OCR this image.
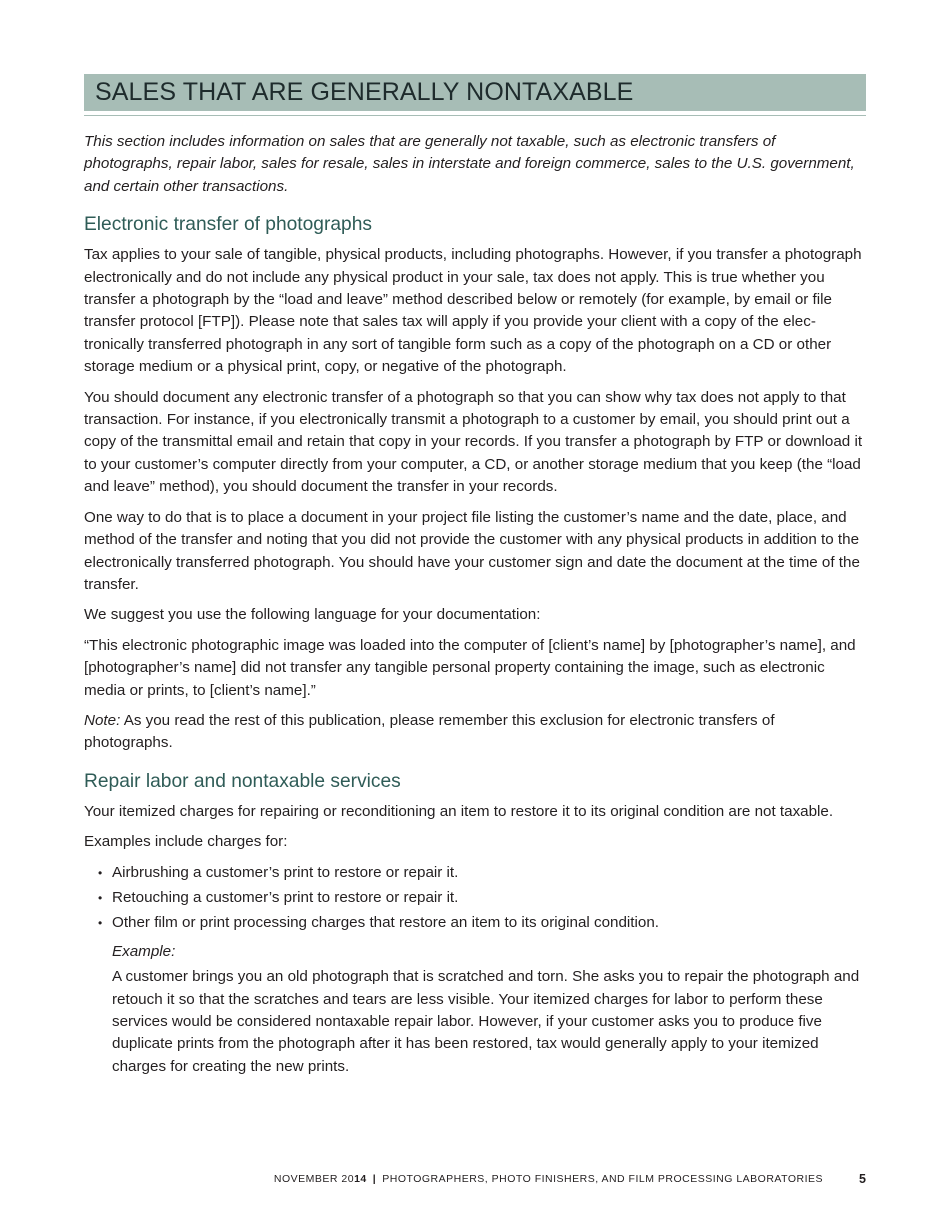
SALES THAT ARE GENERALLY NONTAXABLE

This section includes information on sales that are generally not taxable, such as electronic transfers of photographs, repair labor, sales for resale, sales in interstate and foreign commerce, sales to the U.S. government, and certain other transactions.

Electronic transfer of photographs

Tax applies to your sale of tangible, physical products, including photographs. However, if you transfer a photograph electronically and do not include any physical product in your sale, tax does not apply. This is true whether you transfer a photograph by the “load and leave” method described below or remotely (for example, by email or file transfer protocol [FTP]). Please note that sales tax will apply if you provide your client with a copy of the electronically transferred photograph in any sort of tangible form such as a copy of the photograph on a CD or other storage medium or a physical print, copy, or negative of the photograph.

You should document any electronic transfer of a photograph so that you can show why tax does not apply to that transaction. For instance, if you electronically transmit a photograph to a customer by email, you should print out a copy of the transmittal email and retain that copy in your records. If you transfer a photograph by FTP or download it to your customer’s computer directly from your computer, a CD, or another storage medium that you keep (the “load and leave” method), you should document the transfer in your records.

One way to do that is to place a document in your project file listing the customer’s name and the date, place, and method of the transfer and noting that you did not provide the customer with any physical products in addition to the electronically transferred photograph. You should have your customer sign and date the document at the time of the transfer.

We suggest you use the following language for your documentation:

“This electronic photographic image was loaded into the computer of [client’s name] by [photographer’s name], and [photographer’s name] did not transfer any tangible personal property containing the image, such as electronic media or prints, to [client’s name].”

Note: As you read the rest of this publication, please remember this exclusion for electronic transfers of photographs.

Repair labor and nontaxable services

Your itemized charges for repairing or reconditioning an item to restore it to its original condition are not taxable.

Examples include charges for:

• Airbrushing a customer’s print to restore or repair it.
• Retouching a customer’s print to restore or repair it.
• Other film or print processing charges that restore an item to its original condition.

Example:

A customer brings you an old photograph that is scratched and torn. She asks you to repair the photograph and retouch it so that the scratches and tears are less visible. Your itemized charges for labor to perform these services would be considered nontaxable repair labor. However, if your customer asks you to produce five duplicate prints from the photograph after it has been restored, tax would generally apply to your itemized charges for creating the new prints.

NOVEMBER 2014 | PHOTOGRAPHERS, PHOTO FINISHERS, AND FILM PROCESSING LABORATORIES	5
